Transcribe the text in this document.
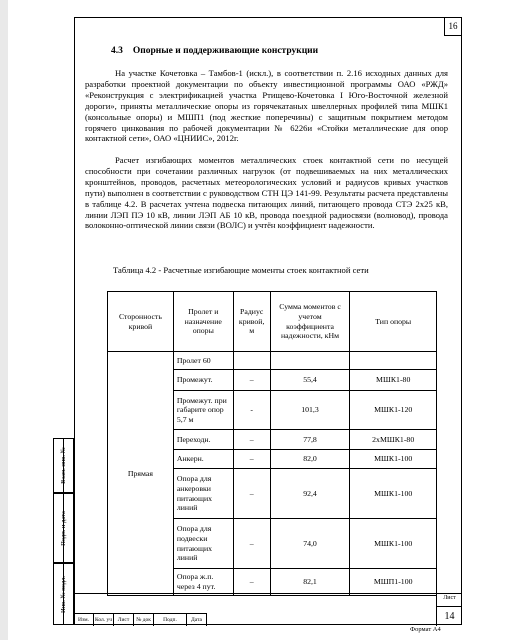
16
4.3 Опорные и поддерживающие конструкции

На участке Кочетовка – Тамбов-1 (искл.), в соответствии п. 2.16 исходных данных для разработки проектной документации по объекту инвестиционной программы ОАО «РЖД» «Реконструкция с электрификацией участка Ртищево-Кочетовка I Юго-Восточной железной дороги», приняты металлические опоры из горячекатаных швеллерных профилей типа МШК1 (консольные опоры) и МШП1 (под жесткие поперечины) с защитным покрытием методом горячего цинкования по рабочей документации № 6226и «Стойки металлические для опор контактной сети», ОАО «ЦНИИС», 2012г.

Расчет изгибающих моментов металлических стоек контактной сети по несущей способности при сочетании различных нагрузок (от подвешиваемых на них металлических кронштейнов, проводов, расчетных метеорологических условий и радиусов кривых участков пути) выполнен в соответствии с руководством СТН ЦЭ 141-99. Результаты расчета представлены в таблице 4.2. В расчетах учтена подвеска питающих линий, питающего провода СТЭ 2х25 кВ, линии ЛЭП ПЭ 10 кВ, линии ЛЭП АБ 10 кВ, провода поездной радиосвязи (волновод), провода волоконно-оптической линии связи (ВОЛС) и учтён коэффициент надежности.

Таблица 4.2 - Расчетные изгибающие моменты стоек контактной сети
Сторонность кривой	Пролет и назначение опоры	Радиус кривой, м	Сумма моментов с учетом коэффициента надежности, кНм	Тип опоры
Прямая	Пролет 60			
	Промежут.	–	55,4	МШК1-80
	Промежут. при габарите опор 5,7 м	-	101,3	МШК1-120
	Переходн.	–	77,8	2хМШК1-80
	Анкерн.	–	82,0	МШК1-100
	Опора для анкеровки питающих линий	–	92,4	МШК1-100
	Опора для подвески питающих линий	–	74,0	МШК1-100
	Опора ж.п. через 4 пут.	–	82,1	МШП1-100
Взам. инв. №
Подп. и дата
Инв. № подл.
Изм.	Кол. уч	Лист	№ док	Подп.	Дата
Лист
14
Формат А4
